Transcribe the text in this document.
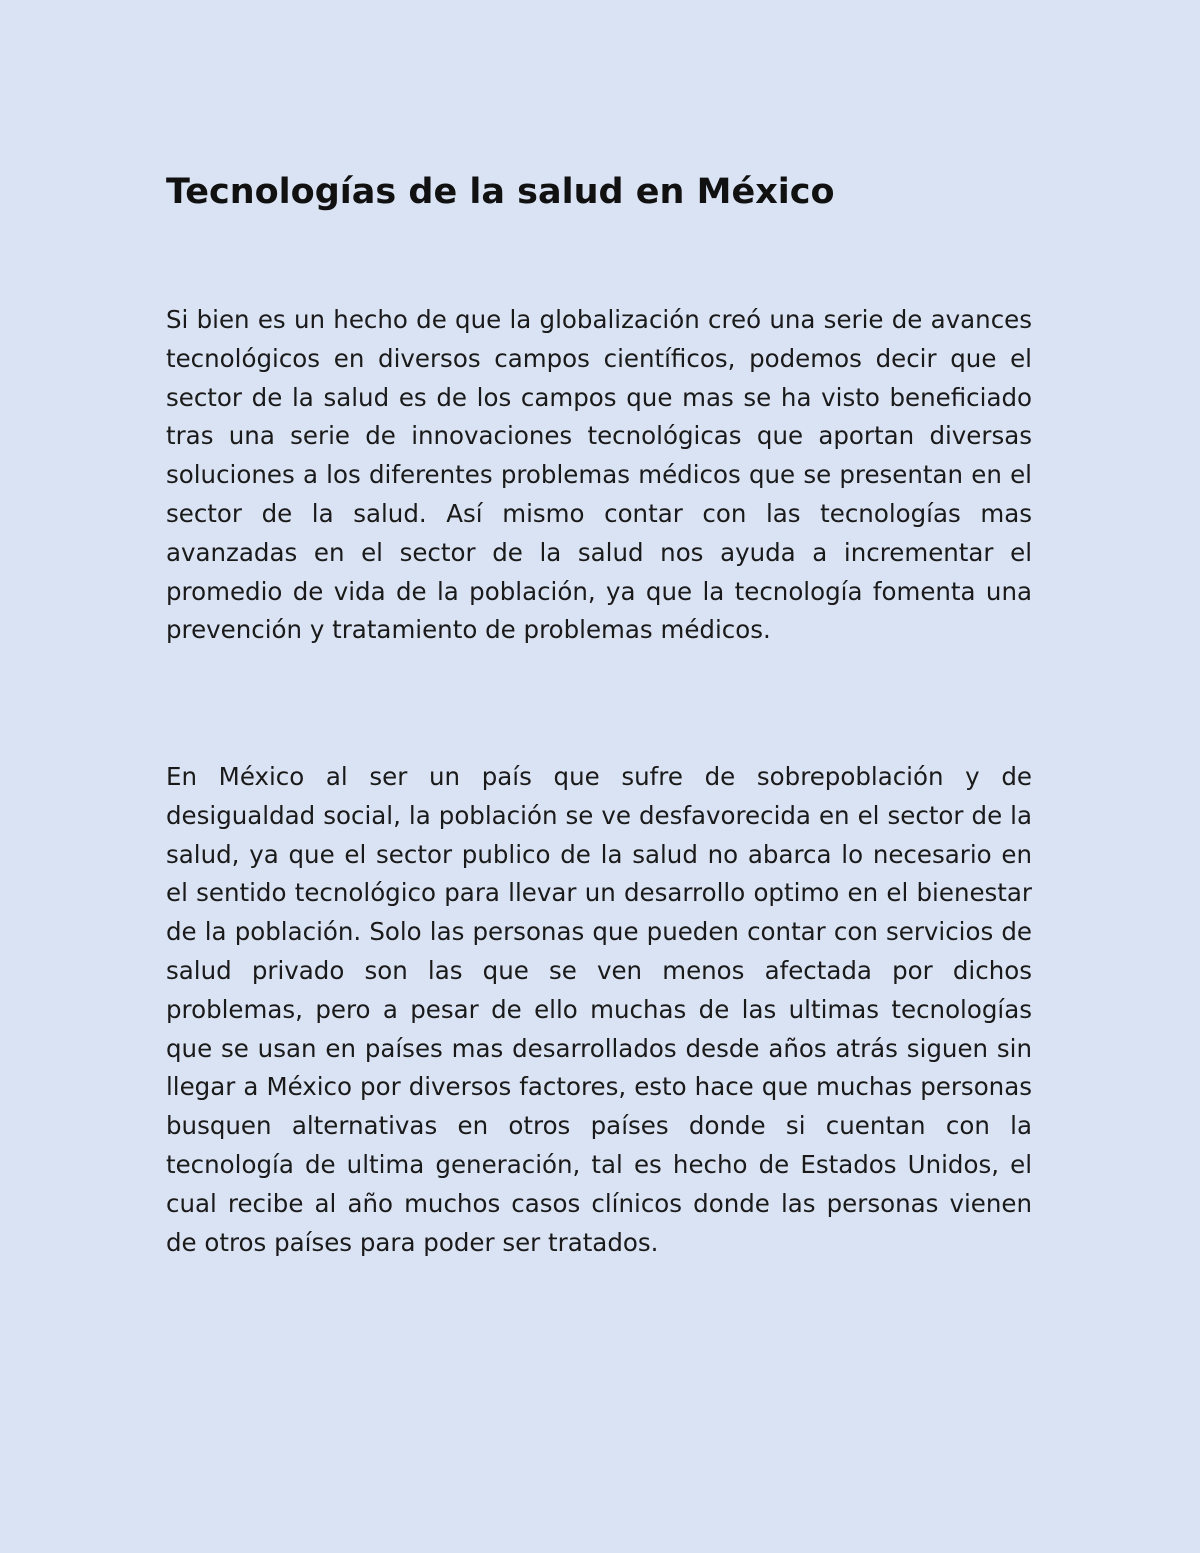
Tecnologías de la salud en México

Si bien es un hecho de que la globalización creó una serie de avances tecnológicos en diversos campos científicos, podemos decir que el sector de la salud es de los campos que mas se ha visto beneficiado tras una serie de innovaciones tecnológicas que aportan diversas soluciones a los diferentes problemas médicos que se presentan en el sector de la salud. Así mismo contar con las tecnologías mas avanzadas en el sector de la salud nos ayuda a incrementar el promedio de vida de la población, ya que la tecnología fomenta una prevención y tratamiento de problemas médicos.

En México al ser un país que sufre de sobrepoblación y de desigualdad social, la población se ve desfavorecida en el sector de la salud, ya que el sector publico de la salud no abarca lo necesario en el sentido tecnológico para llevar un desarrollo optimo en el bienestar de la población. Solo las personas que pueden contar con servicios de salud privado son las que se ven menos afectada por dichos problemas, pero a pesar de ello muchas de las ultimas tecnologías que se usan en países mas desarrollados desde años atrás siguen sin llegar a México por diversos factores, esto hace que muchas personas busquen alternativas en otros países donde si cuentan con la tecnología de ultima generación, tal es hecho de Estados Unidos, el cual recibe al año muchos casos clínicos donde las personas vienen de otros países para poder ser tratados.
